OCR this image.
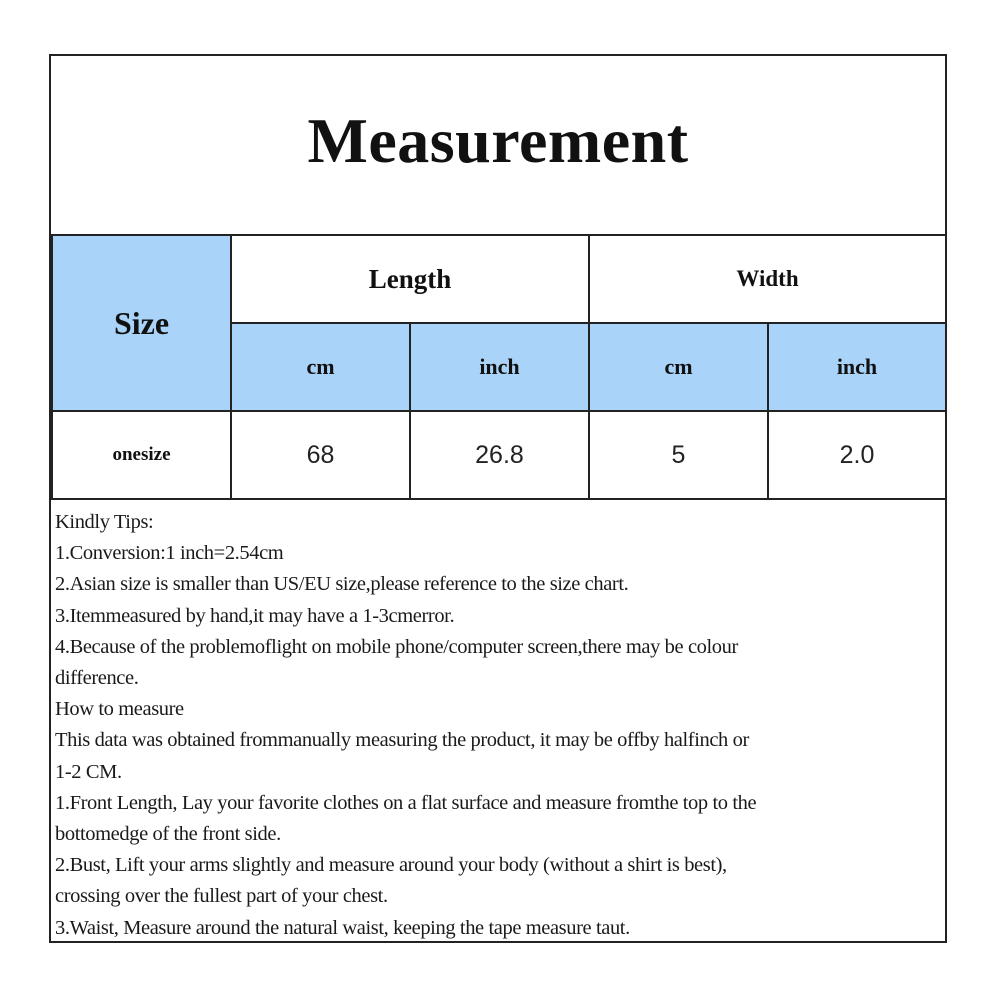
Measurement
Size	Length		Width	
	cm	inch	cm	inch
onesize	68	26.8	5	2.0
Kindly Tips:
1.Conversion:1 inch=2.54cm
2.Asian size is smaller than US/EU size,please reference to the size chart.
3.Itemmeasured by hand,it may have a 1-3cmerror.
4.Because of the problemoflight on mobile phone/computer screen,there may be colour
difference.
How to measure
This data was obtained frommanually measuring the product, it may be offby halfinch or
1-2 CM.
1.Front Length, Lay your favorite clothes on a flat surface and measure fromthe top to the
bottomedge of the front side.
2.Bust, Lift your arms slightly and measure around your body (without a shirt is best),
crossing over the fullest part of your chest.
3.Waist, Measure around the natural waist, keeping the tape measure taut.
